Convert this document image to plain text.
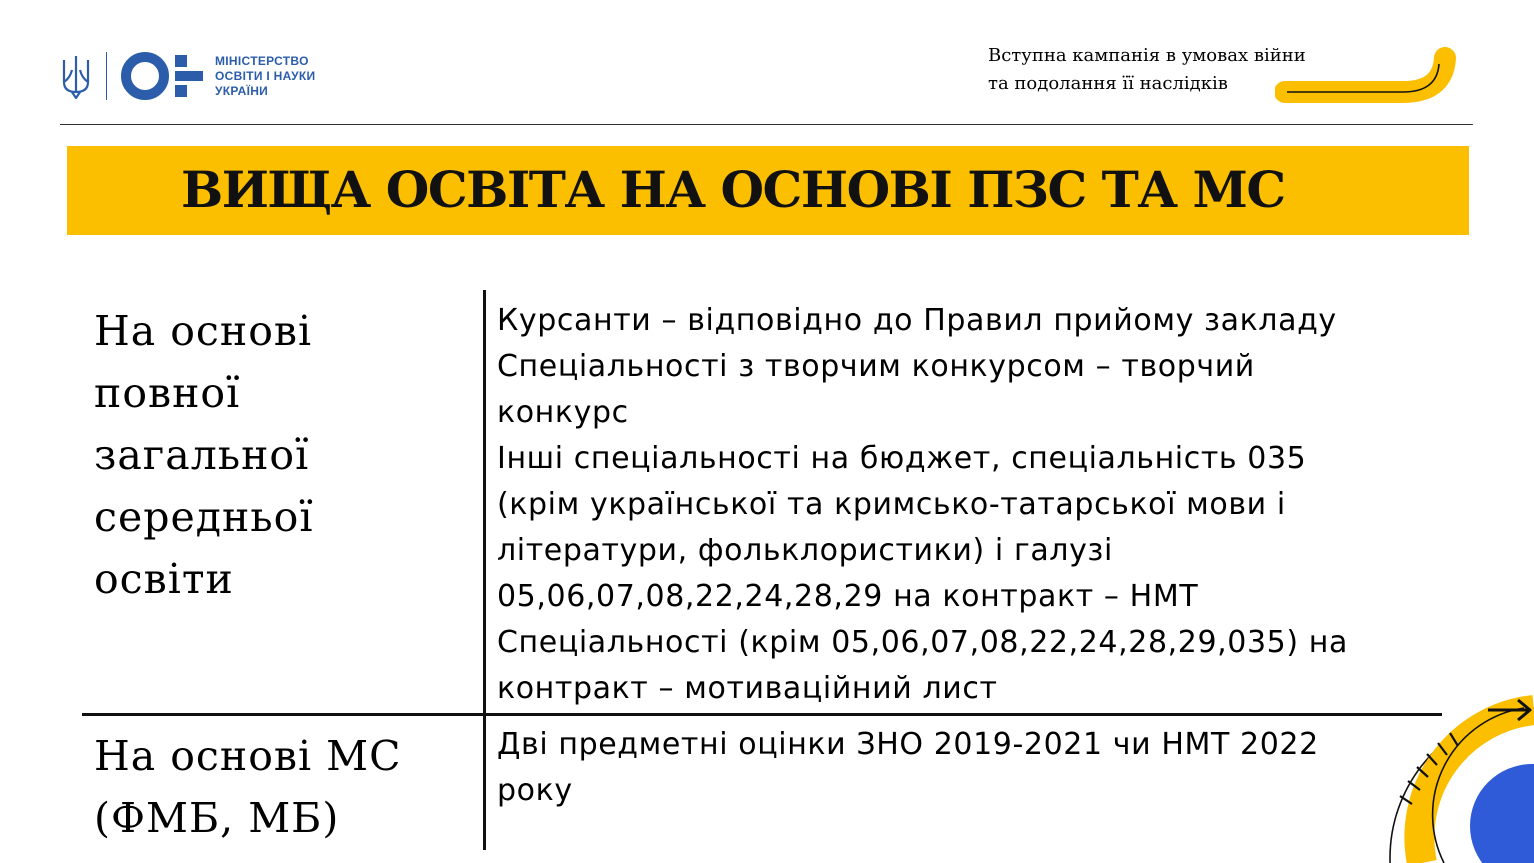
МІНІСТЕРСТВО
ОСВІТИ І НАУКИ
УКРАЇНИ
Вступна кампанія в умовах війни
та подолання її наслідків
ВИЩА ОСВІТА НА ОСНОВІ ПЗС ТА МС
На основі
повної
загальної
середньої
освіти
Курсанти – відповідно до Правил прийому закладу
Спеціальності з творчим конкурсом – творчий
конкурс
Інші спеціальності на бюджет, спеціальність 035
(крім української та кримсько-татарської мови і
літератури, фольклористики) і галузі
05,06,07,08,22,24,28,29 на контракт – НМТ
Спеціальності (крім 05,06,07,08,22,24,28,29,035) на
контракт – мотиваційний лист
На основі МС
(ФМБ, МБ)
Дві предметні оцінки ЗНО 2019-2021 чи НМТ 2022
року
